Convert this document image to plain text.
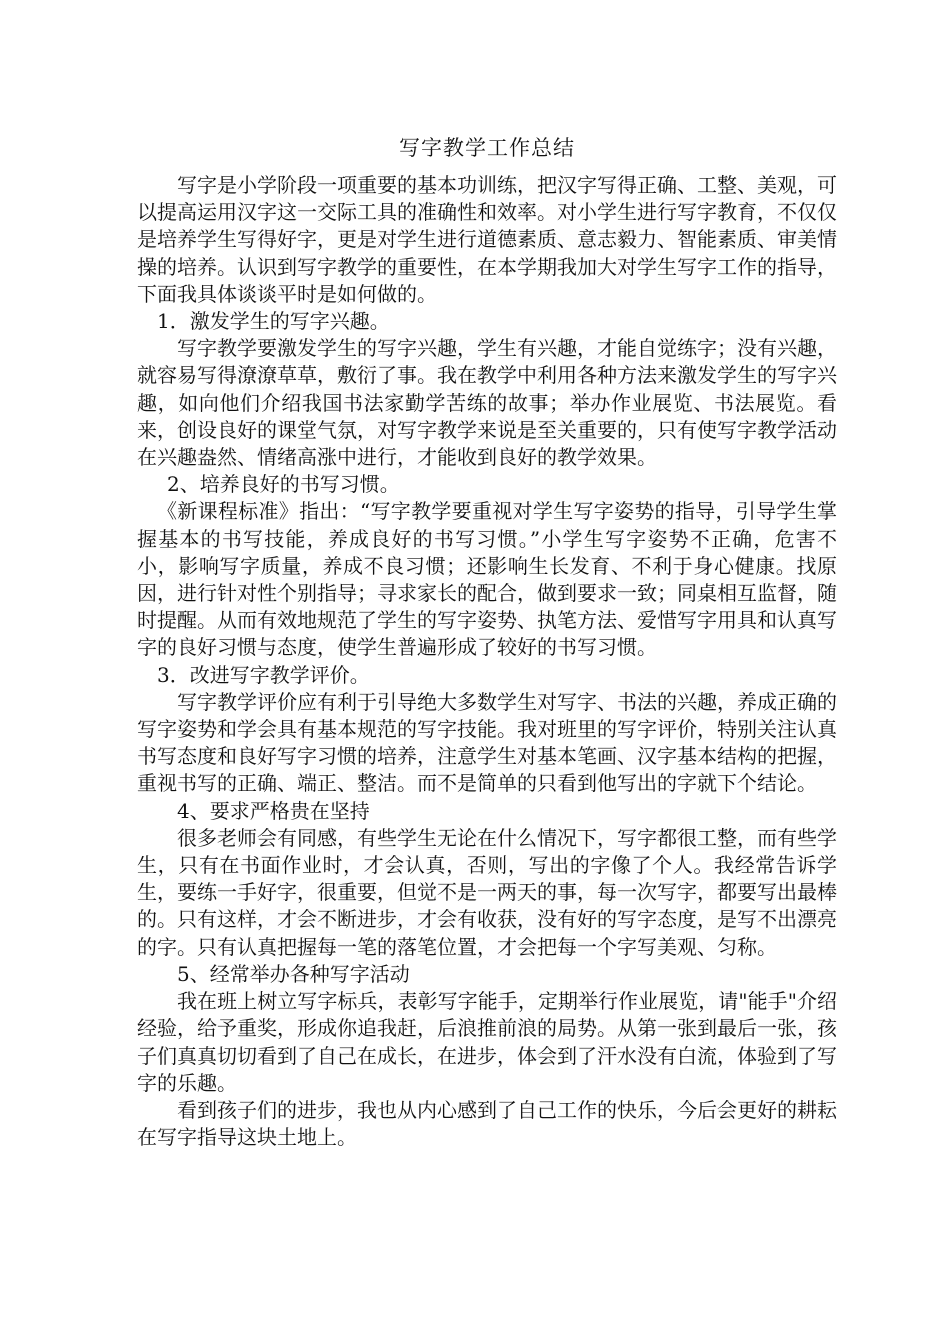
写字教学工作总结

写字是小学阶段一项重要的基本功训练，把汉字写得正确、工整、美观，可以提高运用汉字这一交际工具的准确性和效率。对小学生进行写字教育，不仅仅是培养学生写得好字，更是对学生进行道德素质、意志毅力、智能素质、审美情操的培养。认识到写字教学的重要性，在本学期我加大对学生写字工作的指导，下面我具体谈谈平时是如何做的。

1．激发学生的写字兴趣。

写字教学要激发学生的写字兴趣，学生有兴趣，才能自觉练字；没有兴趣，就容易写得潦潦草草，敷衍了事。我在教学中利用各种方法来激发学生的写字兴趣，如向他们介绍我国书法家勤学苦练的故事；举办作业展览、书法展览。看来，创设良好的课堂气氛，对写字教学来说是至关重要的，只有使写字教学活动在兴趣盎然、情绪高涨中进行，才能收到良好的教学效果。

2、培养良好的书写习惯。

《新课程标准》指出：“写字教学要重视对学生写字姿势的指导，引导学生掌握基本的书写技能，养成良好的书写习惯。”小学生写字姿势不正确，危害不小，影响写字质量，养成不良习惯；还影响生长发育、不利于身心健康。找原因，进行针对性个别指导；寻求家长的配合，做到要求一致；同桌相互监督，随时提醒。从而有效地规范了学生的写字姿势、执笔方法、爱惜写字用具和认真写字的良好习惯与态度，使学生普遍形成了较好的书写习惯。

3．改进写字教学评价。

写字教学评价应有利于引导绝大多数学生对写字、书法的兴趣，养成正确的写字姿势和学会具有基本规范的写字技能。我对班里的写字评价，特别关注认真书写态度和良好写字习惯的培养，注意学生对基本笔画、汉字基本结构的把握，重视书写的正确、端正、整洁。而不是简单的只看到他写出的字就下个结论。

4、要求严格贵在坚持

很多老师会有同感，有些学生无论在什么情况下，写字都很工整，而有些学生，只有在书面作业时，才会认真，否则，写出的字像了个人。我经常告诉学生，要练一手好字，很重要，但觉不是一两天的事，每一次写字，都要写出最棒的。只有这样，才会不断进步，才会有收获，没有好的写字态度，是写不出漂亮的字。只有认真把握每一笔的落笔位置，才会把每一个字写美观、匀称。

5、经常举办各种写字活动

我在班上树立写字标兵，表彰写字能手，定期举行作业展览，请"能手"介绍经验，给予重奖，形成你追我赶，后浪推前浪的局势。从第一张到最后一张，孩子们真真切切看到了自己在成长，在进步，体会到了汗水没有白流，体验到了写字的乐趣。

看到孩子们的进步，我也从内心感到了自己工作的快乐，今后会更好的耕耘在写字指导这块土地上。
